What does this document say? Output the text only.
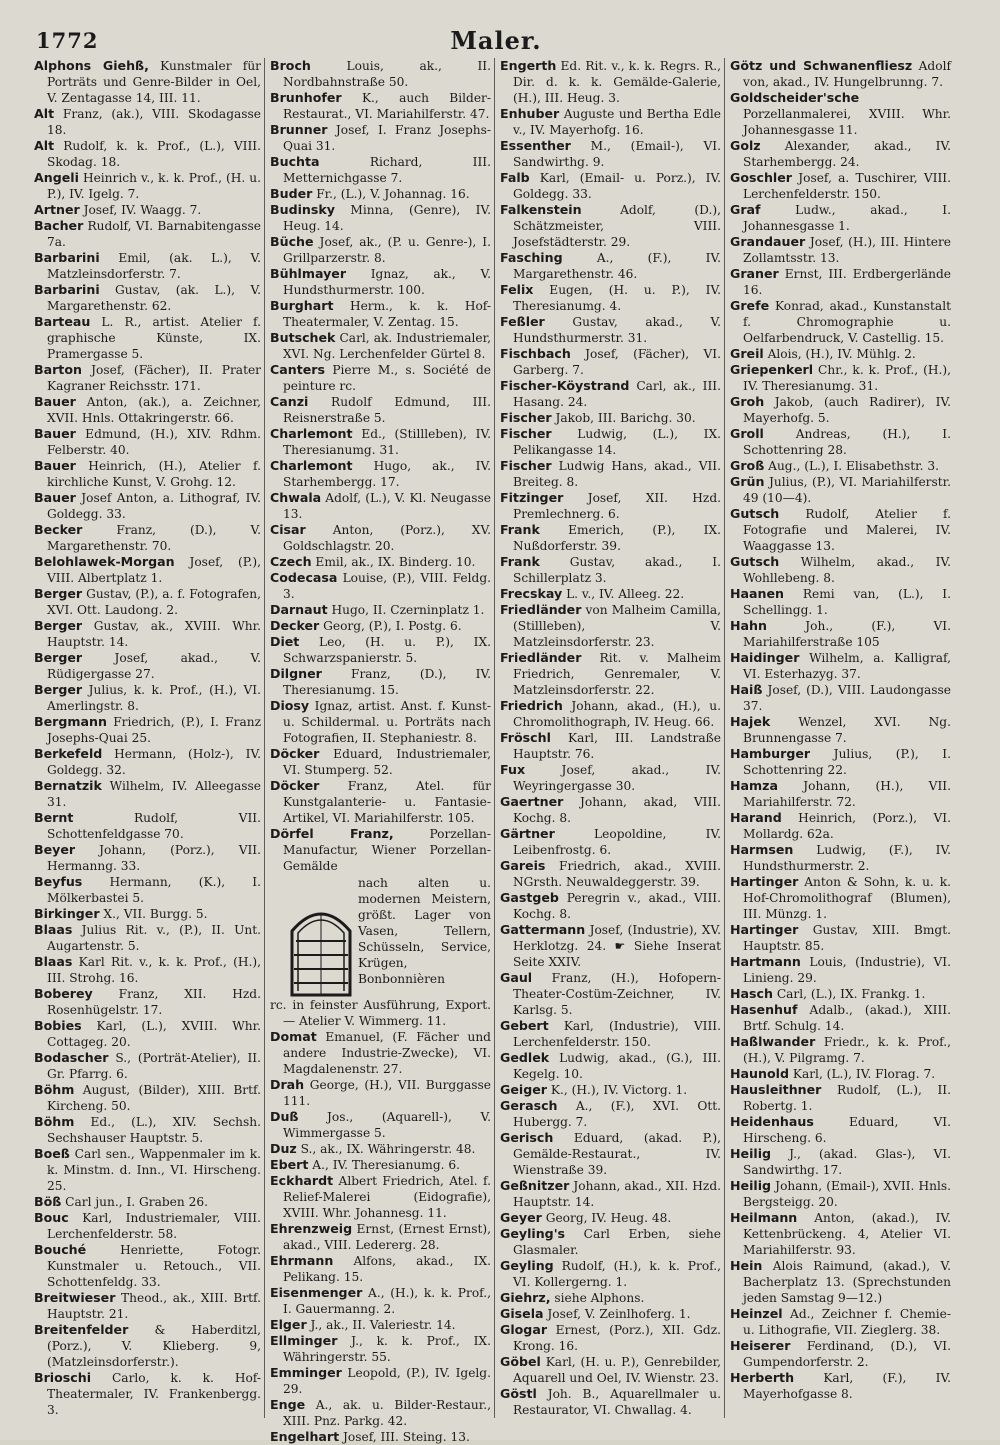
1772	Maler.

Alphons Giehß, Kunstmaler für Porträts und Genre-Bilder in Oel, V. Zentagasse 14, III. 11.

Alt Franz, (ak.), VIII. Skodagasse 18.

Alt Rudolf, k. k. Prof., (L.), VIII. Skodag. 18.

Angeli Heinrich v., k. k. Prof., (H. u. P.), IV. Igelg. 7.

Artner Josef, IV. Waagg. 7.

Bacher Rudolf, VI. Barnabitengasse 7a.

Barbarini Emil, (ak. L.), V. Matzleinsdorferstr. 7.

Barbarini Gustav, (ak. L.), V. Margarethenstr. 62.

Barteau L. R., artist. Atelier f. graphische Künste, IX. Pramergasse 5.

Barton Josef, (Fächer), II. Prater Kagraner Reichsstr. 171.

Bauer Anton, (ak.), a. Zeichner, XVII. Hnls. Ottakringerstr. 66.

Bauer Edmund, (H.), XIV. Rdhm. Felberstr. 40.

Bauer Heinrich, (H.), Atelier f. kirchliche Kunst, V. Grohg. 12.

Bauer Josef Anton, a. Lithograf, IV. Goldegg. 33.

Becker Franz, (D.), V. Margarethenstr. 70.

Belohlawek-Morgan Josef, (P.), VIII. Albertplatz 1.

Berger Gustav, (P.), a. f. Fotografen, XVI. Ott. Laudong. 2.

Berger Gustav, ak., XVIII. Whr. Hauptstr. 14.

Berger Josef, akad., V. Rüdigergasse 27.

Berger Julius, k. k. Prof., (H.), VI. Amerlingstr. 8.

Bergmann Friedrich, (P.), I. Franz Josephs-Quai 25.

Berkefeld Hermann, (Holz-), IV. Goldegg. 32.

Bernatzik Wilhelm, IV. Alleegasse 31.

Bernt Rudolf, VII. Schottenfeldgasse 70.

Beyer Johann, (Porz.), VII. Hermanng. 33.

Beyfus Hermann, (K.), I. Mölkerbastei 5.

Birkinger X., VII. Burgg. 5.

Blaas Julius Rit. v., (P.), II. Unt. Augartenstr. 5.

Blaas Karl Rit. v., k. k. Prof., (H.), III. Strohg. 16.

Boberey Franz, XII. Hzd. Rosenhügelstr. 17.

Bobies Karl, (L.), XVIII. Whr. Cottageg. 20.

Bodascher S., (Porträt-Atelier), II. Gr. Pfarrg. 6.

Böhm August, (Bilder), XIII. Brtf. Kircheng. 50.

Böhm Ed., (L.), XIV. Sechsh. Sechshauser Hauptstr. 5.

Boeß Carl sen., Wappenmaler im k. k. Minstm. d. Inn., VI. Hirscheng. 25.

Böß Carl jun., I. Graben 26.

Bouc Karl, Industriemaler, VIII. Lerchenfelderstr. 58.

Bouché Henriette, Fotogr. Kunstmaler u. Retouch., VII. Schottenfeldg. 33.

Breitwieser Theod., ak., XIII. Brtf. Hauptstr. 21.

Breitenfelder & Haberditzl, (Porz.), V. Klieberg. 9, (Matzleinsdorferstr.).

Brioschi Carlo, k. k. Hof-Theatermaler, IV. Frankenbergg. 3.

Broch Louis, ak., II. Nordbahnstraße 50.

Brunhofer K., auch Bilder-Restaurat., VI. Mariahilferstr. 47.

Brunner Josef, I. Franz Josephs-Quai 31.

Buchta Richard, III. Metternichgasse 7.

Buder Fr., (L.), V. Johannag. 16.

Budinsky Minna, (Genre), IV. Heug. 14.

Büche Josef, ak., (P. u. Genre-), I. Grillparzerstr. 8.

Bühlmayer Ignaz, ak., V. Hundsthurmerstr. 100.

Burghart Herm., k. k. Hof-Theatermaler, V. Zentag. 15.

Butschek Carl, ak. Industriemaler, XVI. Ng. Lerchenfelder Gürtel 8.

Canters Pierre M., s. Société de peinture rc.

Canzi Rudolf Edmund, III. Reisnerstraße 5.

Charlemont Ed., (Stillleben), IV. Theresianumg. 31.

Charlemont Hugo, ak., IV. Starhembergg. 17.

Chwala Adolf, (L.), V. Kl. Neugasse 13.

Cisar Anton, (Porz.), XV. Goldschlagstr. 20.

Czech Emil, ak., IX. Binderg. 10.

Codecasa Louise, (P.), VIII. Feldg. 3.

Darnaut Hugo, II. Czerninplatz 1.

Decker Georg, (P.), I. Postg. 6.

Diet Leo, (H. u. P.), IX. Schwarzspanierstr. 5.

Dilgner Franz, (D.), IV. Theresianumg. 15.

Diosy Ignaz, artist. Anst. f. Kunst- u. Schildermal. u. Porträts nach Fotografien, II. Stephaniestr. 8.

Döcker Eduard, Industriemaler, VI. Stumperg. 52.

Döcker Franz, Atel. für Kunstgalanterie- u. Fantasie-Artikel, VI. Mariahilferstr. 105.

Dörfel Franz, Porzellan-Manufactur, Wiener Porzellan-Gemälde

nach alten u. modernen Meistern, größt. Lager von Vasen, Tellern, Schüsseln, Service, Krügen, Bonbonnièren

rc. in feinster Ausführung, Export. — Atelier V. Wimmerg. 11.

Domat Emanuel, (F. Fächer und andere Industrie-Zwecke), VI. Magdalenenstr. 27.

Drah George, (H.), VII. Burggasse 111.

Duß Jos., (Aquarell-), V. Wimmergasse 5.

Duz S., ak., IX. Währingerstr. 48.

Ebert A., IV. Theresianumg. 6.

Eckhardt Albert Friedrich, Atel. f. Relief-Malerei (Eidografie), XVIII. Whr. Johannesg. 11.

Ehrenzweig Ernst, (Ernest Ernst), akad., VIII. Ledererg. 28.

Ehrmann Alfons, akad., IX. Pelikang. 15.

Eisenmenger A., (H.), k. k. Prof., I. Gauermanng. 2.

Elger J., ak., II. Valeriestr. 14.

Ellminger J., k. k. Prof., IX. Währingerstr. 55.

Emminger Leopold, (P.), IV. Igelg. 29.

Enge A., ak. u. Bilder-Restaur., XIII. Pnz. Parkg. 42.

Engelhart Josef, III. Steing. 13.

Engerth Ed. Rit. v., k. k. Regrs. R., Dir. d. k. k. Gemälde-Galerie, (H.), III. Heug. 3.

Enhuber Auguste und Bertha Edle v., IV. Mayerhofg. 16.

Essenther M., (Email-), VI. Sandwirthg. 9.

Falb Karl, (Email- u. Porz.), IV. Goldegg. 33.

Falkenstein Adolf, (D.), Schätzmeister, VIII. Josefstädterstr. 29.

Fasching A., (F.), IV. Margarethenstr. 46.

Felix Eugen, (H. u. P.), IV. Theresianumg. 4.

Feßler Gustav, akad., V. Hundsthurmerstr. 31.

Fischbach Josef, (Fächer), VI. Garberg. 7.

Fischer-Köystrand Carl, ak., III. Hasang. 24.

Fischer Jakob, III. Barichg. 30.

Fischer Ludwig, (L.), IX. Pelikangasse 14.

Fischer Ludwig Hans, akad., VII. Breiteg. 8.

Fitzinger Josef, XII. Hzd. Premlechnerg. 6.

Frank Emerich, (P.), IX. Nußdorferstr. 39.

Frank Gustav, akad., I. Schillerplatz 3.

Frecskay L. v., IV. Alleeg. 22.

Friedländer von Malheim Camilla, (Stillleben), V. Matzleinsdorferstr. 23.

Friedländer Rit. v. Malheim Friedrich, Genremaler, V. Matzleinsdorferstr. 22.

Friedrich Johann, akad., (H.), u. Chromolithograph, IV. Heug. 66.

Fröschl Karl, III. Landstraße Hauptstr. 76.

Fux Josef, akad., IV. Weyringergasse 30.

Gaertner Johann, akad, VIII. Kochg. 8.

Gärtner Leopoldine, IV. Leibenfrostg. 6.

Gareis Friedrich, akad., XVIII. NGrsth. Neuwaldeggerstr. 39.

Gastgeb Peregrin v., akad., VIII. Kochg. 8.

Gattermann Josef, (Industrie), XV. Herklotzg. 24. ☛ Siehe Inserat Seite XXIV.

Gaul Franz, (H.), Hofopern-Theater-Costüm-Zeichner, IV. Karlsg. 5.

Gebert Karl, (Industrie), VIII. Lerchenfelderstr. 150.

Gedlek Ludwig, akad., (G.), III. Kegelg. 10.

Geiger K., (H.), IV. Victorg. 1.

Gerasch A., (F.), XVI. Ott. Hubergg. 7.

Gerisch Eduard, (akad. P.), Gemälde-Restaurat., IV. Wienstraße 39.

Geßnitzer Johann, akad., XII. Hzd. Hauptstr. 14.

Geyer Georg, IV. Heug. 48.

Geyling's Carl Erben, siehe Glasmaler.

Geyling Rudolf, (H.), k. k. Prof., VI. Kollergerng. 1.

Giehrz, siehe Alphons.

Gisela Josef, V. Zeinlhoferg. 1.

Glogar Ernest, (Porz.), XII. Gdz. Krong. 16.

Göbel Karl, (H. u. P.), Genrebilder, Aquarell und Oel, IV. Wienstr. 23.

Göstl Joh. B., Aquarellmaler u. Restaurator, VI. Chwallag. 4.

Götz und Schwanenfliesz Adolf von, akad., IV. Hungelbrunng. 7.

Goldscheider'sche Porzellanmalerei, XVIII. Whr. Johannesgasse 11.

Golz Alexander, akad., IV. Starhembergg. 24.

Goschler Josef, a. Tuschirer, VIII. Lerchenfelderstr. 150.

Graf Ludw., akad., I. Johannesgasse 1.

Grandauer Josef, (H.), III. Hintere Zollamtsstr. 13.

Graner Ernst, III. Erdbergerlände 16.

Grefe Konrad, akad., Kunstanstalt f. Chromographie u. Oelfarbendruck, V. Castellig. 15.

Greil Alois, (H.), IV. Mühlg. 2.

Griepenkerl Chr., k. k. Prof., (H.), IV. Theresianumg. 31.

Groh Jakob, (auch Radirer), IV. Mayerhofg. 5.

Groll Andreas, (H.), I. Schottenring 28.

Groß Aug., (L.), I. Elisabethstr. 3.

Grün Julius, (P.), VI. Mariahilferstr. 49 (10—4).

Gutsch Rudolf, Atelier f. Fotografie und Malerei, IV. Waaggasse 13.

Gutsch Wilhelm, akad., IV. Wohllebeng. 8.

Haanen Remi van, (L.), I. Schellingg. 1.

Hahn Joh., (F.), VI. Mariahilferstraße 105

Haidinger Wilhelm, a. Kalligraf, VI. Esterhazyg. 37.

Haiß Josef, (D.), VIII. Laudongasse 37.

Hajek Wenzel, XVI. Ng. Brunnengasse 7.

Hamburger Julius, (P.), I. Schottenring 22.

Hamza Johann, (H.), VII. Mariahilferstr. 72.

Harand Heinrich, (Porz.), VI. Mollardg. 62a.

Harmsen Ludwig, (F.), IV. Hundsthurmerstr. 2.

Hartinger Anton & Sohn, k. u. k. Hof-Chromolithograf (Blumen), III. Münzg. 1.

Hartinger Gustav, XIII. Bmgt. Hauptstr. 85.

Hartmann Louis, (Industrie), VI. Linieng. 29.

Hasch Carl, (L.), IX. Frankg. 1.

Hasenhuf Adalb., (akad.), XIII. Brtf. Schulg. 14.

Haßlwander Friedr., k. k. Prof., (H.), V. Pilgramg. 7.

Haunold Karl, (L.), IV. Florag. 7.

Hausleithner Rudolf, (L.), II. Robertg. 1.

Heidenhaus Eduard, VI. Hirscheng. 6.

Heilig J., (akad. Glas-), VI. Sandwirthg. 17.

Heilig Johann, (Email-), XVII. Hnls. Bergsteigg. 20.

Heilmann Anton, (akad.), IV. Kettenbrückeng. 4, Atelier VI. Mariahilferstr. 93.

Hein Alois Raimund, (akad.), V. Bacherplatz 13. (Sprechstunden jeden Samstag 9—12.)

Heinzel Ad., Zeichner f. Chemie- u. Lithografie, VII. Zieglerg. 38.

Heiserer Ferdinand, (D.), VI. Gumpendorferstr. 2.

Herberth Karl, (F.), IV. Mayerhofgasse 8.
